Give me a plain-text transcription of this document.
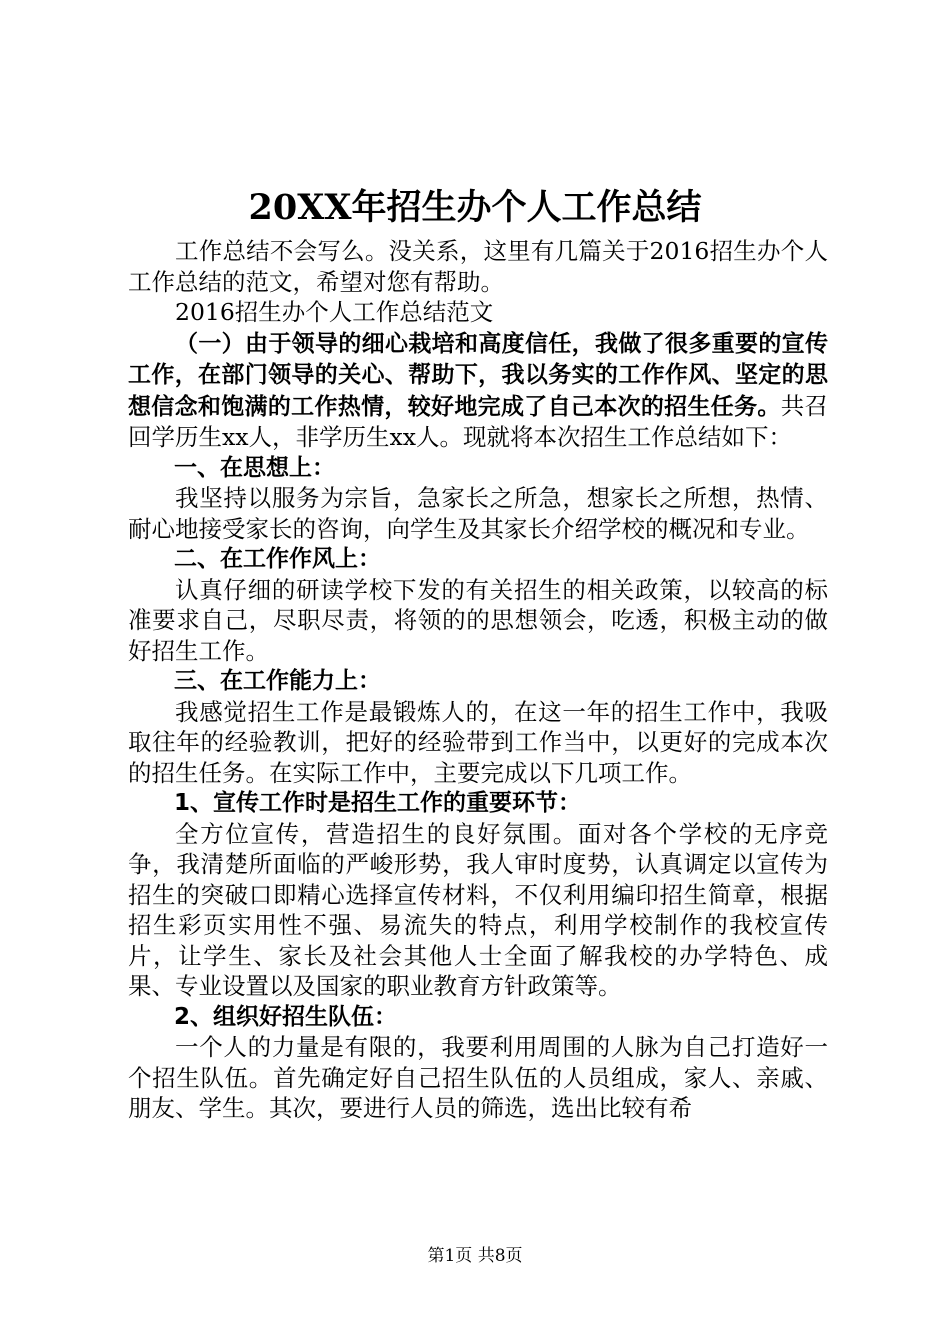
20XX年招生办个人工作总结

工作总结不会写么。没关系，这里有几篇关于2016招生办个人工作总结的范文，希望对您有帮助。

2016招生办个人工作总结范文

（一）由于领导的细心栽培和高度信任，我做了很多重要的宣传工作，在部门领导的关心、帮助下，我以务实的工作作风、坚定的思想信念和饱满的工作热情，较好地完成了自己本次的招生任务。共召回学历生xx人，非学历生xx人。现就将本次招生工作总结如下：

一、在思想上：

我坚持以服务为宗旨，急家长之所急，想家长之所想，热情、耐心地接受家长的咨询，向学生及其家长介绍学校的概况和专业。

二、在工作作风上：

认真仔细的研读学校下发的有关招生的相关政策，以较高的标准要求自己，尽职尽责，将领的的思想领会，吃透，积极主动的做好招生工作。

三、在工作能力上：

我感觉招生工作是最锻炼人的，在这一年的招生工作中，我吸取往年的经验教训，把好的经验带到工作当中，以更好的完成本次的招生任务。在实际工作中，主要完成以下几项工作。

1、宣传工作时是招生工作的重要环节：

全方位宣传，营造招生的良好氛围。面对各个学校的无序竞争，我清楚所面临的严峻形势，我人审时度势，认真调定以宣传为招生的突破口即精心选择宣传材料，不仅利用编印招生简章，根据招生彩页实用性不强、易流失的特点，利用学校制作的我校宣传片，让学生、家长及社会其他人士全面了解我校的办学特色、成果、专业设置以及国家的职业教育方针政策等。

2、组织好招生队伍：

一个人的力量是有限的，我要利用周围的人脉为自己打造好一个招生队伍。首先确定好自己招生队伍的人员组成，家人、亲戚、朋友、学生。其次，要进行人员的筛选，选出比较有希

第1页 共8页
